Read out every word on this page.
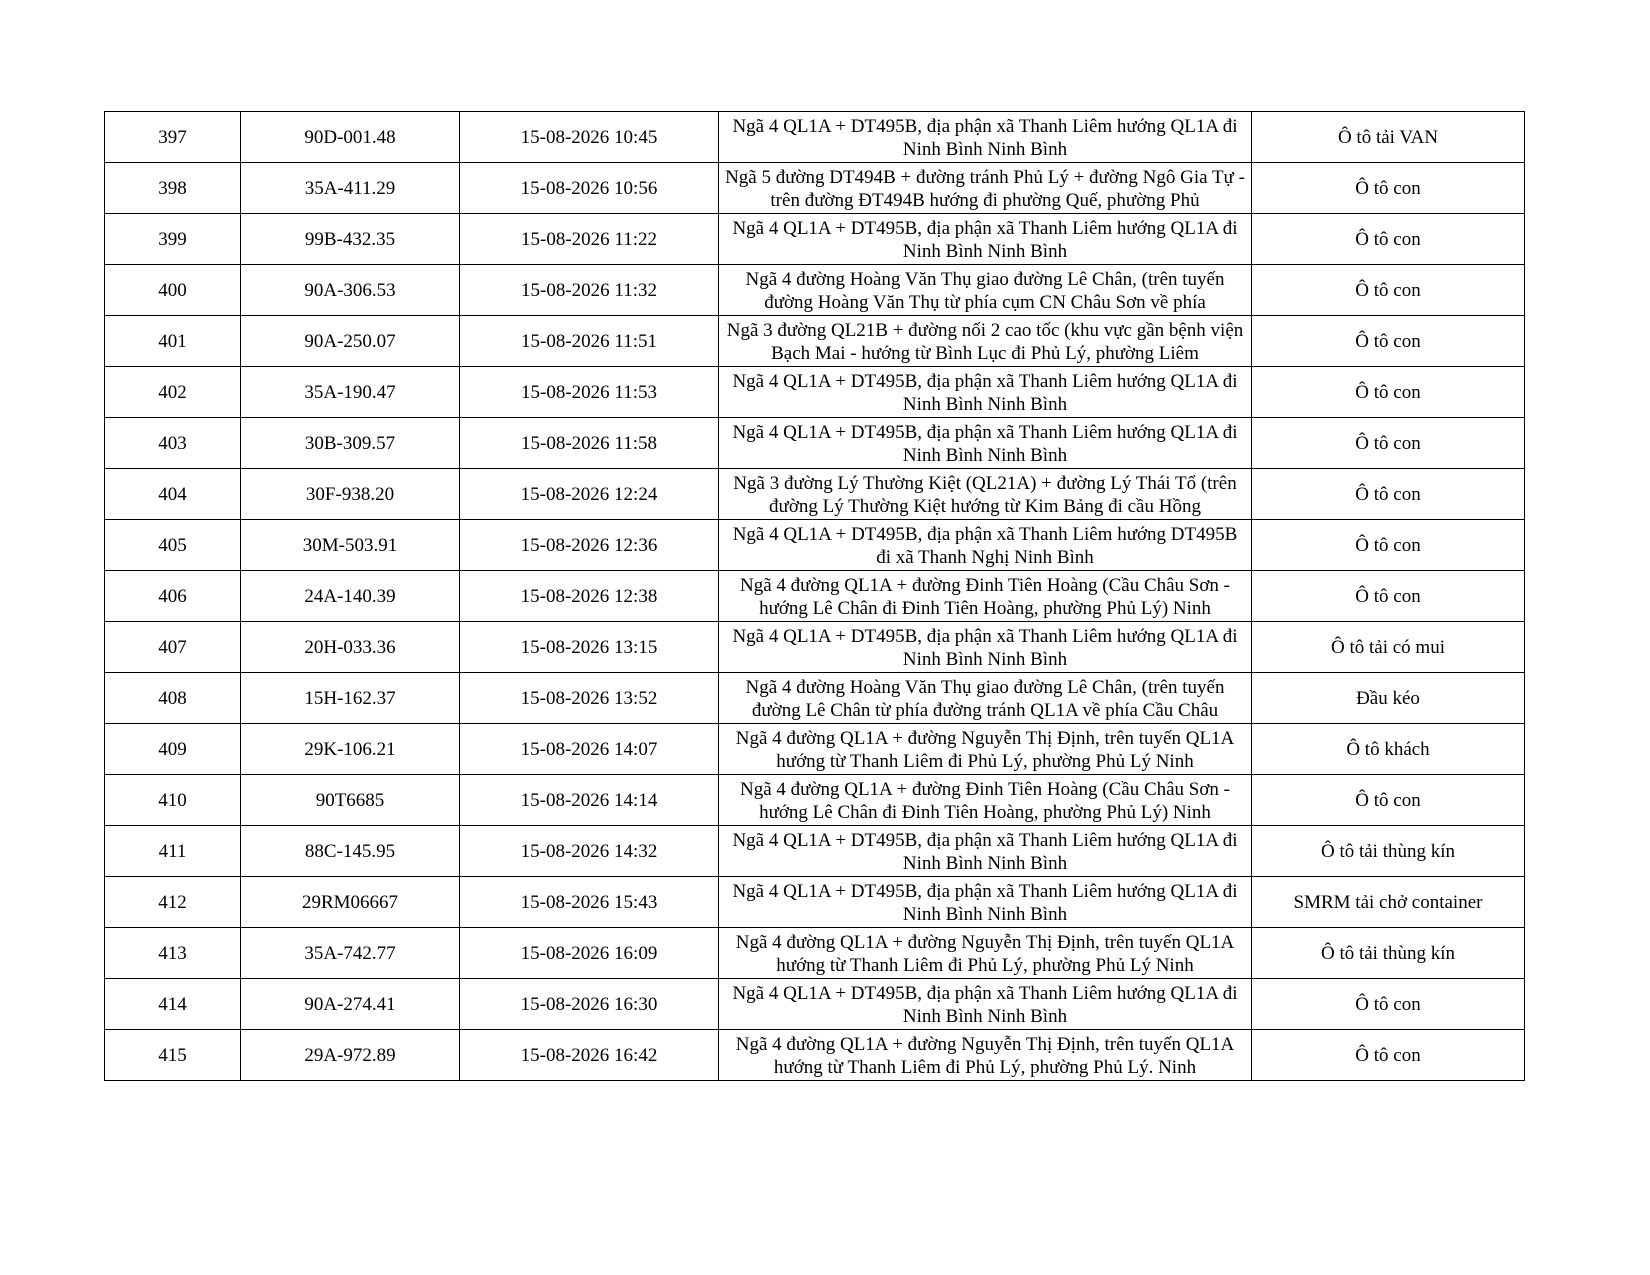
397	90D-001.48	15-08-2026 10:45	Ngã 4 QL1A + DT495B, địa phận xã Thanh Liêm hướng QL1A đi Ninh Bình Ninh Bình	Ô tô tải VAN
398	35A-411.29	15-08-2026 10:56	Ngã 5 đường DT494B + đường tránh Phủ Lý + đường Ngô Gia Tự - trên đường ĐT494B hướng đi phường Quế, phường Phủ	Ô tô con
399	99B-432.35	15-08-2026 11:22	Ngã 4 QL1A + DT495B, địa phận xã Thanh Liêm hướng QL1A đi Ninh Bình Ninh Bình	Ô tô con
400	90A-306.53	15-08-2026 11:32	Ngã 4 đường Hoàng Văn Thụ giao đường Lê Chân, (trên tuyến đường Hoàng Văn Thụ từ phía cụm CN Châu Sơn về phía	Ô tô con
401	90A-250.07	15-08-2026 11:51	Ngã 3 đường QL21B + đường nối 2 cao tốc (khu vực gần bệnh viện Bạch Mai - hướng từ Bình Lục đi Phủ Lý, phường Liêm	Ô tô con
402	35A-190.47	15-08-2026 11:53	Ngã 4 QL1A + DT495B, địa phận xã Thanh Liêm hướng QL1A đi Ninh Bình Ninh Bình	Ô tô con
403	30B-309.57	15-08-2026 11:58	Ngã 4 QL1A + DT495B, địa phận xã Thanh Liêm hướng QL1A đi Ninh Bình Ninh Bình	Ô tô con
404	30F-938.20	15-08-2026 12:24	Ngã 3 đường Lý Thường Kiệt (QL21A) + đường Lý Thái Tổ (trên đường Lý Thường Kiệt hướng từ Kim Bảng đi cầu Hồng	Ô tô con
405	30M-503.91	15-08-2026 12:36	Ngã 4 QL1A + DT495B, địa phận xã Thanh Liêm hướng DT495B đi xã Thanh Nghị Ninh Bình	Ô tô con
406	24A-140.39	15-08-2026 12:38	Ngã 4 đường QL1A + đường Đinh Tiên Hoàng (Cầu Châu Sơn - hướng Lê Chân đi Đinh Tiên Hoàng, phường Phủ Lý) Ninh	Ô tô con
407	20H-033.36	15-08-2026 13:15	Ngã 4 QL1A + DT495B, địa phận xã Thanh Liêm hướng QL1A đi Ninh Bình Ninh Bình	Ô tô tải có mui
408	15H-162.37	15-08-2026 13:52	Ngã 4 đường Hoàng Văn Thụ giao đường Lê Chân, (trên tuyến đường Lê Chân từ phía đường tránh QL1A về phía Cầu Châu	Đầu kéo
409	29K-106.21	15-08-2026 14:07	Ngã 4 đường QL1A + đường Nguyễn Thị Định, trên tuyến QL1A hướng từ Thanh Liêm đi Phủ Lý, phường Phủ Lý Ninh	Ô tô khách
410	90T6685	15-08-2026 14:14	Ngã 4 đường QL1A + đường Đinh Tiên Hoàng (Cầu Châu Sơn - hướng Lê Chân đi Đinh Tiên Hoàng, phường Phủ Lý) Ninh	Ô tô con
411	88C-145.95	15-08-2026 14:32	Ngã 4 QL1A + DT495B, địa phận xã Thanh Liêm hướng QL1A đi Ninh Bình Ninh Bình	Ô tô tải thùng kín
412	29RM06667	15-08-2026 15:43	Ngã 4 QL1A + DT495B, địa phận xã Thanh Liêm hướng QL1A đi Ninh Bình Ninh Bình	SMRM tải chở container
413	35A-742.77	15-08-2026 16:09	Ngã 4 đường QL1A + đường Nguyễn Thị Định, trên tuyến QL1A hướng từ Thanh Liêm đi Phủ Lý, phường Phủ Lý Ninh	Ô tô tải thùng kín
414	90A-274.41	15-08-2026 16:30	Ngã 4 QL1A + DT495B, địa phận xã Thanh Liêm hướng QL1A đi Ninh Bình Ninh Bình	Ô tô con
415	29A-972.89	15-08-2026 16:42	Ngã 4 đường QL1A + đường Nguyễn Thị Định, trên tuyến QL1A hướng từ Thanh Liêm đi Phủ Lý, phường Phủ Lý. Ninh	Ô tô con
